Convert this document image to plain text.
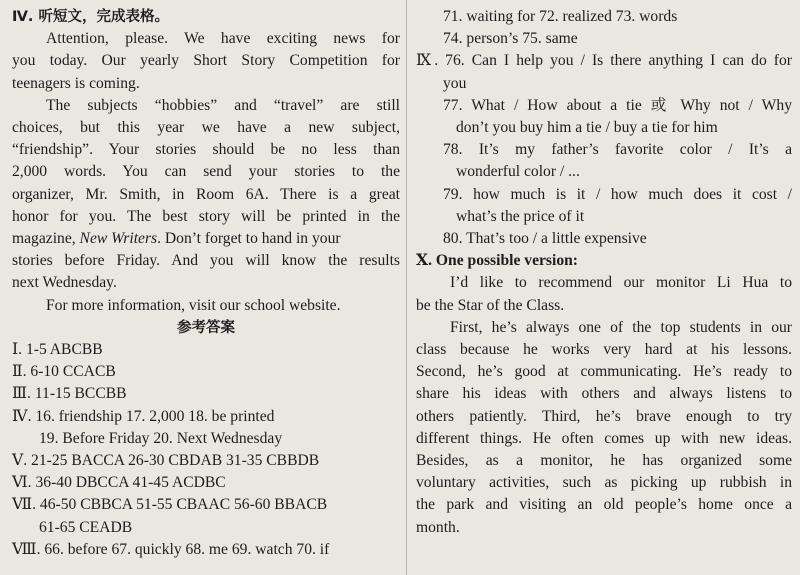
Ⅳ. 听短文，完成表格。
Attention, please. We have exciting news for
you today. Our yearly Short Story Competition for
teenagers is coming.
The subjects “hobbies” and “travel” are still
choices, but this year we have a new subject,
“friendship”. Your stories should be no less than
2,000 words. You can send your stories to the
organizer, Mr. Smith, in Room 6A. There is a great
honor for you. The best story will be printed in the
magazine, New Writers. Don’t forget to hand in your
stories before Friday. And you will know the results
next Wednesday.
For more information, visit our school website.
参考答案
Ⅰ. 1-5 ABCBB
Ⅱ. 6-10 CCACB
Ⅲ. 11-15 BCCBB
Ⅳ. 16. friendship 17. 2,000 18. be printed
19. Before Friday 20. Next Wednesday
Ⅴ. 21-25 BACCA 26-30 CBDAB 31-35 CBBDB
Ⅵ. 36-40 DBCCA 41-45 ACDBC
Ⅶ. 46-50 CBBCA 51-55 CBAAC 56-60 BBACB
61-65 CEADB
Ⅷ. 66. before 67. quickly 68. me 69. watch 70. if
71. waiting for 72. realized 73. words
74. person’s 75. same
Ⅸ. 76. Can I help you / Is there anything I can do for
you
77. What / How about a tie 或 Why not / Why
don’t you buy him a tie / buy a tie for him
78. It’s my father’s favorite color / It’s a
wonderful color / ...
79. how much is it / how much does it cost /
what’s the price of it
80. That’s too / a little expensive
Ⅹ. One possible version:
I’d like to recommend our monitor Li Hua to
be the Star of the Class.
First, he’s always one of the top students in our
class because he works very hard at his lessons.
Second, he’s good at communicating. He’s ready to
share his ideas with others and always listens to
others patiently. Third, he’s brave enough to try
different things. He often comes up with new ideas.
Besides, as a monitor, he has organized some
voluntary activities, such as picking up rubbish in
the park and visiting an old people’s home once a
month.
